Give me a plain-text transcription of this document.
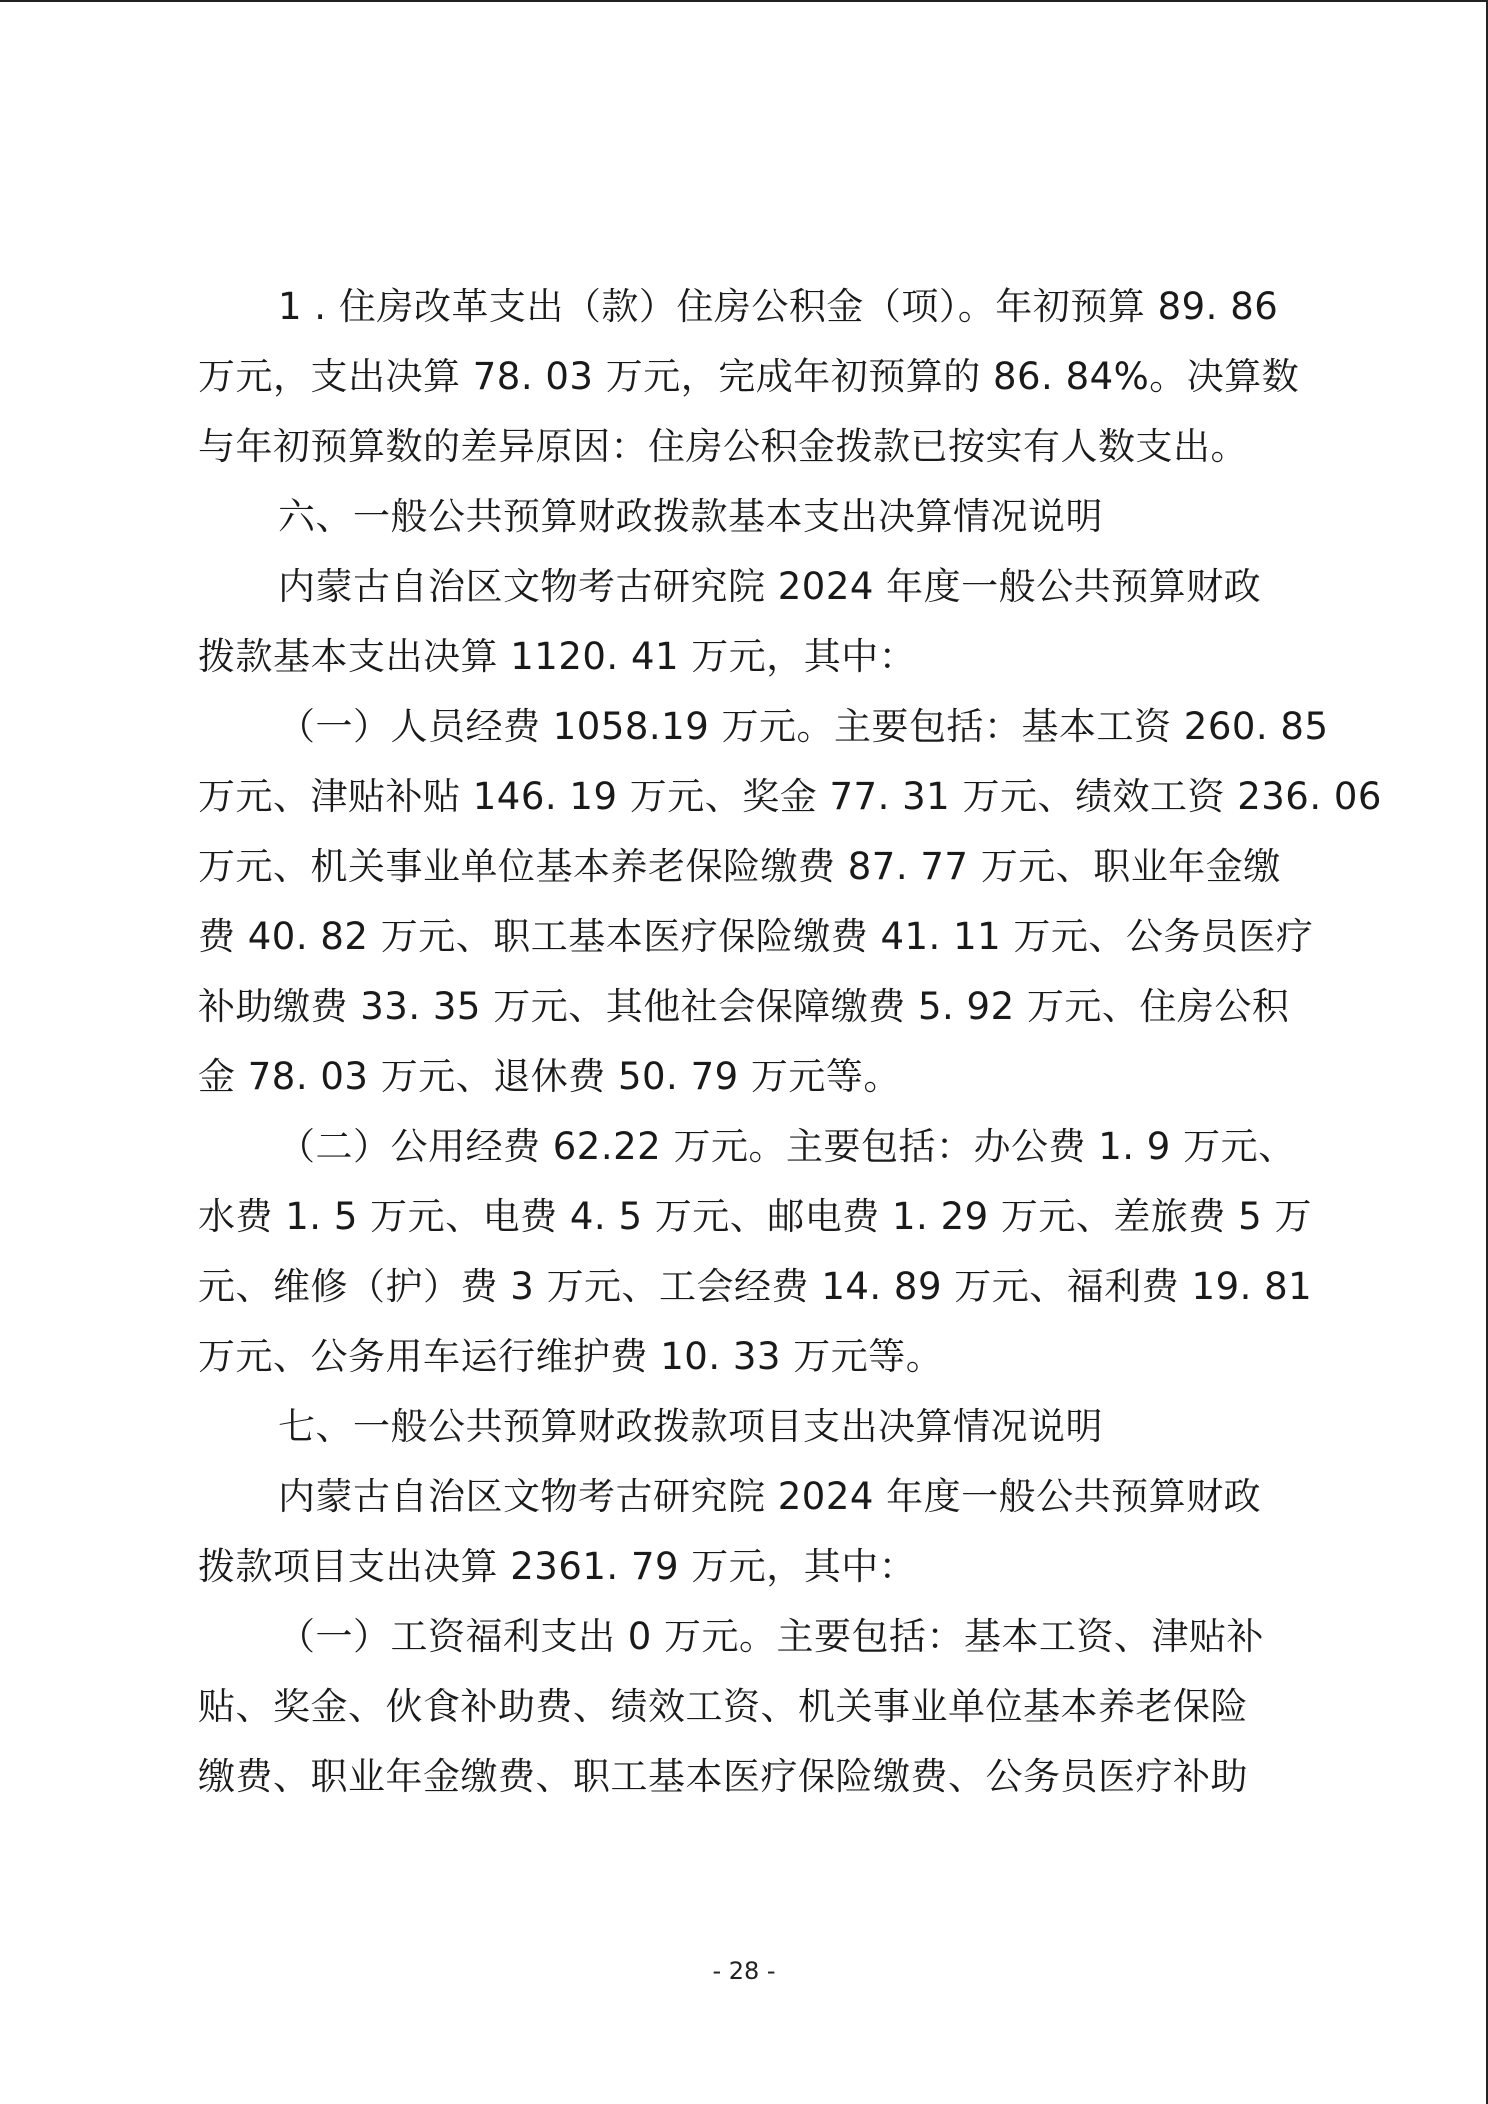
1 . 住房改革支出（款）住房公积金（项）。年初预算 89. 86
万元，支出决算 78. 03 万元，完成年初预算的 86. 84%。决算数
与年初预算数的差异原因：住房公积金拨款已按实有人数支出。
六、一般公共预算财政拨款基本支出决算情况说明
内蒙古自治区文物考古研究院 2024 年度一般公共预算财政
拨款基本支出决算 1120. 41 万元，其中：
（一）人员经费 1058.19 万元。主要包括：基本工资 260. 85
万元、津贴补贴 146. 19 万元、奖金 77. 31 万元、绩效工资 236. 06
万元、机关事业单位基本养老保险缴费 87. 77 万元、职业年金缴
费 40. 82 万元、职工基本医疗保险缴费 41. 11 万元、公务员医疗
补助缴费 33. 35 万元、其他社会保障缴费 5. 92 万元、住房公积
金 78. 03 万元、退休费 50. 79 万元等。
（二）公用经费 62.22 万元。主要包括：办公费 1. 9 万元、
水费 1. 5 万元、电费 4. 5 万元、邮电费 1. 29 万元、差旅费 5 万
元、维修（护）费 3 万元、工会经费 14. 89 万元、福利费 19. 81
万元、公务用车运行维护费 10. 33 万元等。
七、一般公共预算财政拨款项目支出决算情况说明
内蒙古自治区文物考古研究院 2024 年度一般公共预算财政
拨款项目支出决算 2361. 79 万元，其中：
（一）工资福利支出 0 万元。主要包括：基本工资、津贴补
贴、奖金、伙食补助费、绩效工资、机关事业单位基本养老保险
缴费、职业年金缴费、职工基本医疗保险缴费、公务员医疗补助
- 28 -
